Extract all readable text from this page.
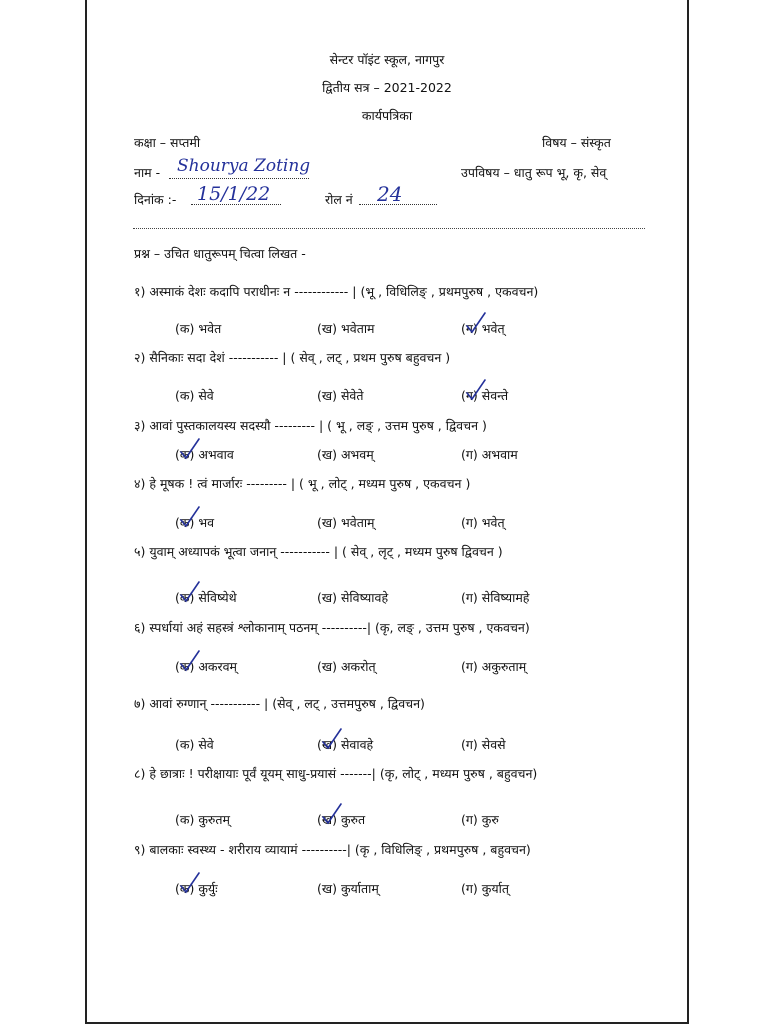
सेन्टर पॉइंट स्कूल, नागपुर
द्वितीय सत्र – 2021-2022
कार्यपत्रिका
कक्षा – सप्तमी	विषय – संस्कृत
नाम - Shourya Zoting	उपविषय – धातु रूप भू, कृ, सेव्
दिनांक :- 15/1/22	रोल नं 24
प्रश्न – उचित धातुरूपम् चित्वा लिखत -
१) अस्माकं देशः कदापि पराधीनः न ------------ | (भू , विधिलिङ् , प्रथमपुरुष , एकवचन)
(क) भवेत	(ख) भवेताम	(ग) भवेत्
२) सैनिकाः सदा देशं ----------- | ( सेव् , लट् , प्रथम पुरुष बहुवचन )
(क) सेवे	(ख) सेवेते	(ग) सेवन्ते
३) आवां पुस्तकालयस्य सदस्यौ --------- | ( भू , लङ् , उत्तम पुरुष , द्विवचन )
(क) अभवाव	(ख) अभवम्	(ग) अभवाम
४) हे मूषक ! त्वं मार्जारः --------- | ( भू , लोट् , मध्यम पुरुष , एकवचन )
(क) भव	(ख) भवेताम्	(ग) भवेत्
५) युवाम् अध्यापकं भूत्वा जनान् ----------- | ( सेव् , लृट् , मध्यम पुरुष द्विवचन )
(क) सेविष्येथे	(ख) सेविष्यावहे	(ग) सेविष्यामहे
६) स्पर्धायां अहं सहस्त्रं श्लोकानाम् पठनम् ----------| (कृ, लङ् , उत्तम पुरुष , एकवचन)
(क) अकरवम्	(ख) अकरोत्	(ग) अकुरुताम्
७) आवां रुग्णान् ----------- | (सेव् , लट् , उत्तमपुरुष , द्विवचन)
(क) सेवे	(ख) सेवावहे	(ग) सेवसे
८) हे छात्राः ! परीक्षायाः पूर्वं यूयम् साधु-प्रयासं -------| (कृ, लोट् , मध्यम पुरुष , बहुवचन)
(क) कुरुतम्	(ख) कुरुत	(ग) कुरु
९) बालकाः स्वस्थ्य - शरीराय व्यायामं ----------| (कृ , विधिलिङ् , प्रथमपुरुष , बहुवचन)
(क) कुर्युः	(ख) कुर्याताम्	(ग) कुर्यात्
